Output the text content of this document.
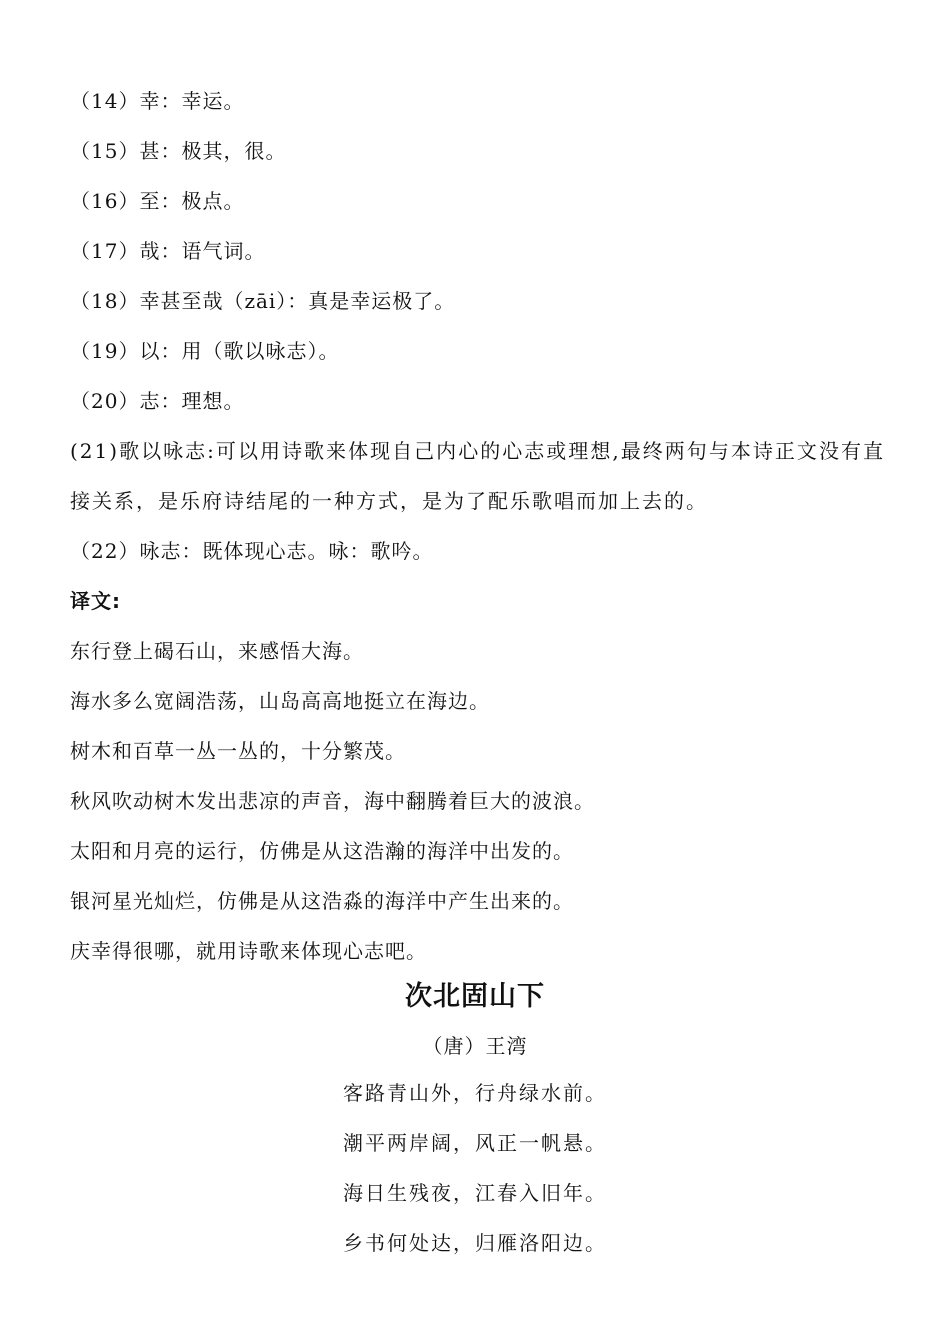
（14）幸：幸运。
（15）甚：极其，很。
（16）至：极点。
（17）哉：语气词。
（18）幸甚至哉（zāi）：真是幸运极了。
（19）以：用（歌以咏志）。
（20）志：理想。
(21)歌以咏志:可以用诗歌来体现自己内心的心志或理想,最终两句与本诗正文没有直接关系，是乐府诗结尾的一种方式，是为了配乐歌唱而加上去的。
（22）咏志：既体现心志。咏：歌吟。
译文:
东行登上碣石山，来感悟大海。
海水多么宽阔浩荡，山岛高高地挺立在海边。
树木和百草一丛一丛的，十分繁茂。
秋风吹动树木发出悲凉的声音，海中翻腾着巨大的波浪。
太阳和月亮的运行，仿佛是从这浩瀚的海洋中出发的。
银河星光灿烂，仿佛是从这浩淼的海洋中产生出来的。
庆幸得很哪，就用诗歌来体现心志吧。
次北固山下
（唐）王湾
客路青山外，行舟绿水前。
潮平两岸阔，风正一帆悬。
海日生残夜，江春入旧年。
乡书何处达，归雁洛阳边。
